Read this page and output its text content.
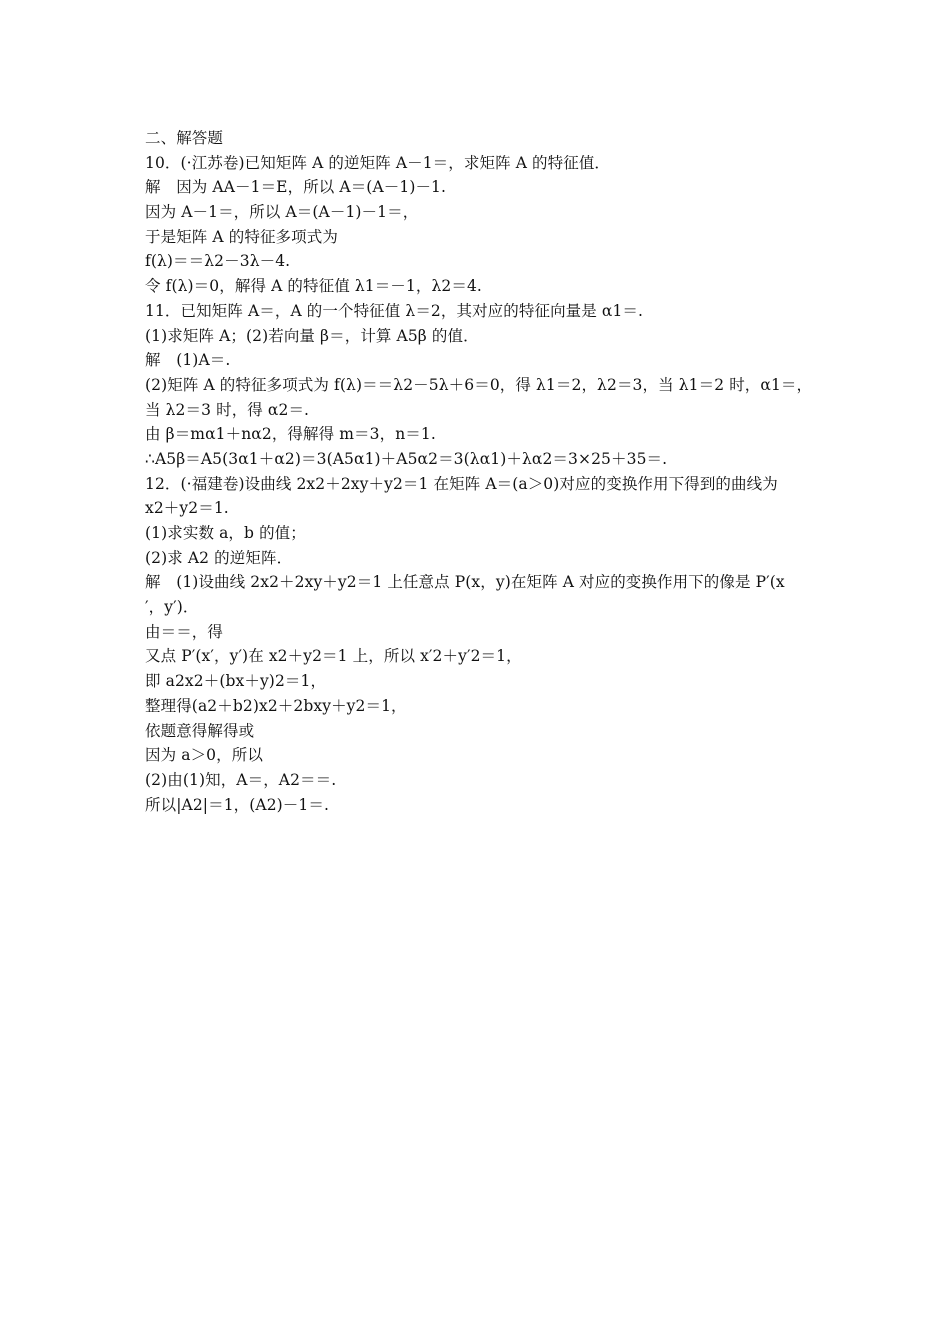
二、解答题
10．(·江苏卷)已知矩阵 A 的逆矩阵 A－1＝，求矩阵 A 的特征值．
解　因为 AA－1＝E，所以 A＝(A－1)－1.
因为 A－1＝，所以 A＝(A－1)－1＝，
于是矩阵 A 的特征多项式为
f(λ)＝＝λ2－3λ－4.
令 f(λ)＝0，解得 A 的特征值 λ1＝－1，λ2＝4.
11．已知矩阵 A＝，A 的一个特征值 λ＝2，其对应的特征向量是 α1＝.
(1)求矩阵 A；(2)若向量 β＝，计算 A5β 的值．
解　(1)A＝.
(2)矩阵 A 的特征多项式为 f(λ)＝＝λ2－5λ＋6＝0，得 λ1＝2，λ2＝3，当 λ1＝2 时，α1＝，
当 λ2＝3 时，得 α2＝.
由 β＝mα1＋nα2，得解得 m＝3，n＝1.
∴A5β＝A5(3α1＋α2)＝3(A5α1)＋A5α2＝3(λα1)＋λα2＝3×25＋35＝.
12．(·福建卷)设曲线 2x2＋2xy＋y2＝1 在矩阵 A＝(a＞0)对应的变换作用下得到的曲线为
x2＋y2＝1.
(1)求实数 a，b 的值；
(2)求 A2 的逆矩阵．
解　(1)设曲线 2x2＋2xy＋y2＝1 上任意点 P(x，y)在矩阵 A 对应的变换作用下的像是 P′(x
′，y′)．
由＝＝，得
又点 P′(x′，y′)在 x2＋y2＝1 上，所以 x′2＋y′2＝1，
即 a2x2＋(bx＋y)2＝1，
整理得(a2＋b2)x2＋2bxy＋y2＝1，
依题意得解得或
因为 a＞0，所以
(2)由(1)知，A＝，A2＝＝.
所以|A2|＝1，(A2)－1＝.
